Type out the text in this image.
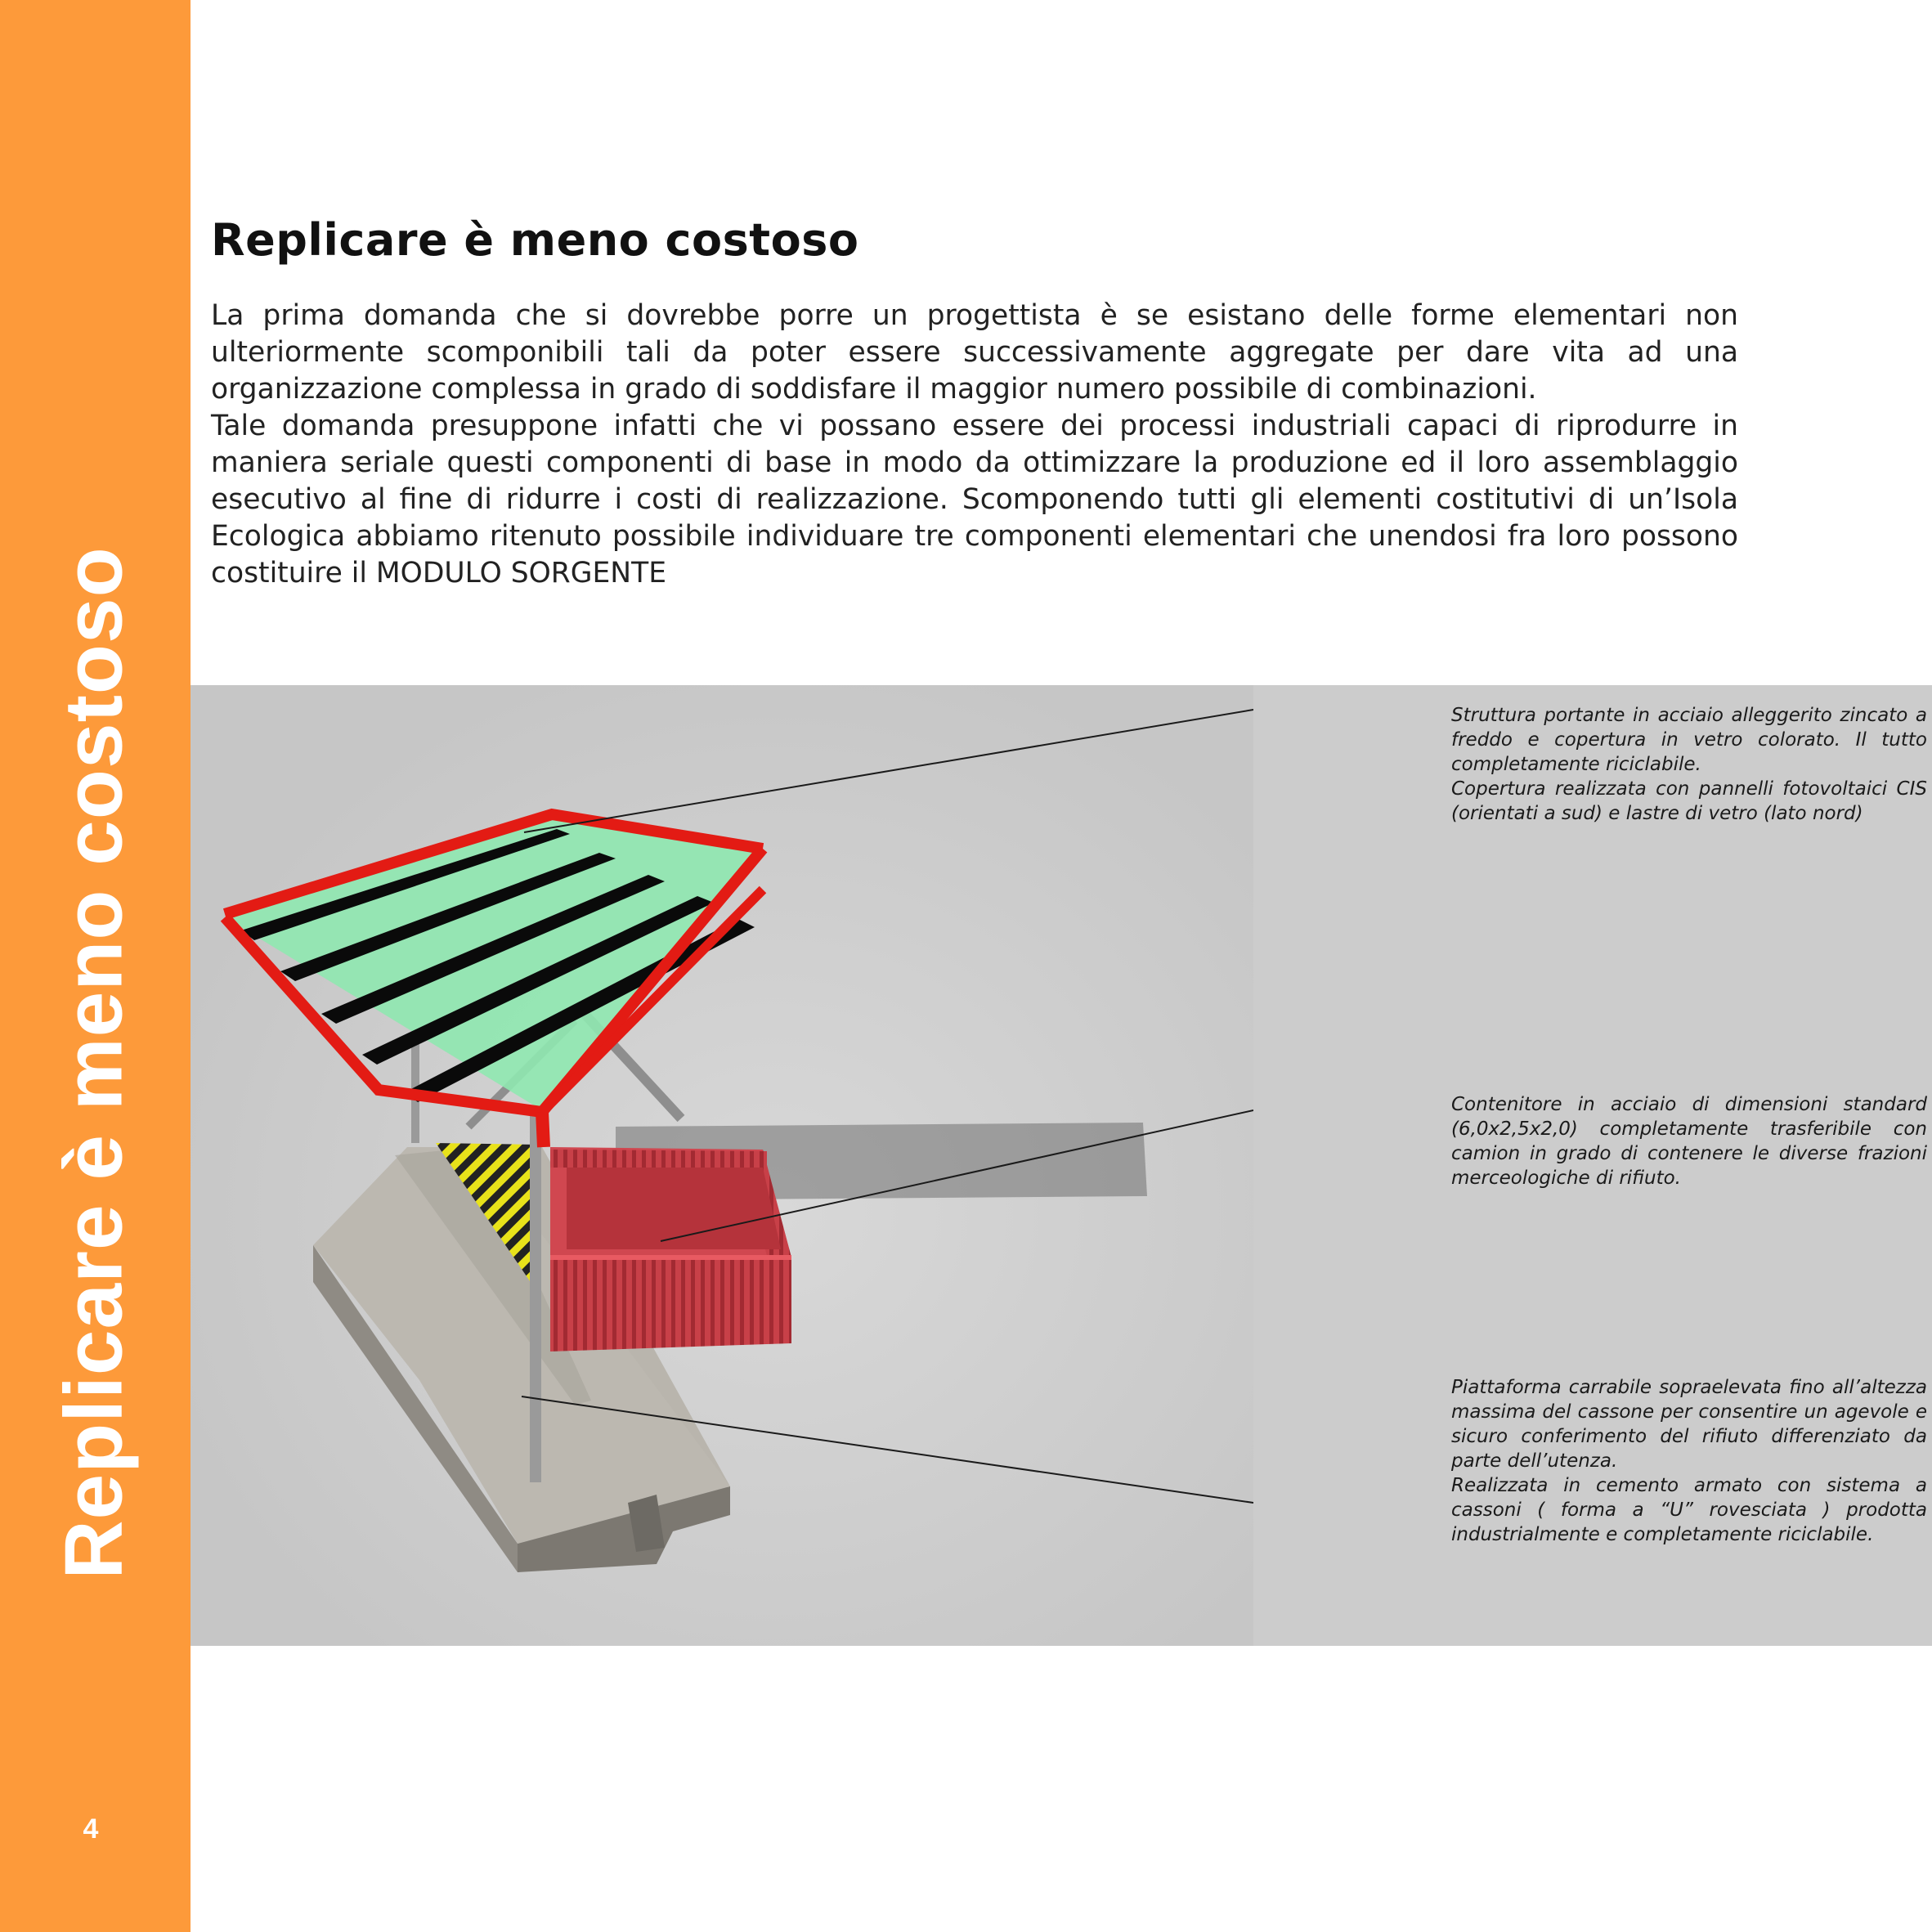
Replicare è meno costoso
4
Replicare è meno costoso

La prima domanda che si dovrebbe porre un progettista è se esistano delle forme elementari non ulteriormente scomponibili tali da poter essere successivamente aggregate per dare vita ad una organizzazione complessa in grado di soddisfare il maggior numero possibile di combinazioni.

Tale domanda presuppone infatti che vi possano essere dei processi industriali capaci di riprodurre in maniera seriale questi componenti di base in modo da ottimizzare la produzione ed il loro assemblaggio esecutivo al fine di ridurre i costi di realizzazione. Scomponendo tutti gli elementi costitutivi di un’Isola Ecologica abbiamo ritenuto possibile individuare tre componenti elementari che unendosi fra loro possono costituire il MODULO SORGENTE

Struttura portante in acciaio alleggerito zincato a freddo e copertura in vetro colorato. Il tutto completamente riciclabile.

Copertura realizzata con pannelli fotovoltaici CIS (orientati a sud) e lastre di vetro (lato nord)

Contenitore in acciaio di dimensioni standard (6,0x2,5x2,0) completamente trasferibile con camion in grado di contenere le diverse frazioni merceologiche di rifiuto.

Piattaforma carrabile sopraelevata fino all’altezza massima del cassone per consentire un agevole e sicuro conferimento del rifiuto differenziato da parte dell’utenza.

Realizzata in cemento armato con sistema a cassoni ( forma a “U” rovesciata ) prodotta industrialmente e completamente riciclabile.
